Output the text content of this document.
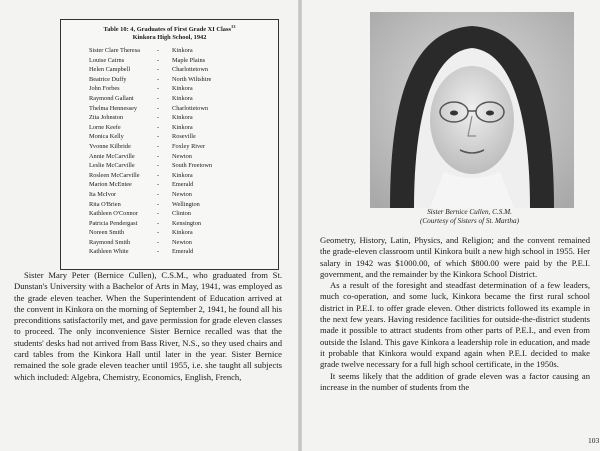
Table 10: 4, Graduates of First Grade XI Class$^{13}$
Kinkora High School, 1942
Sister Clare Theresa	-	Kinkora
Louise Cairns	-	Maple Plains
Helen Campbell	-	Charlottetown
Beatrice Duffy	-	North Wiltshire
John Forbes	-	Kinkora
Raymond Gallant	-	Kinkora
Thelma Hennessey	-	Charlottetown
Zita Johnston	-	Kinkora
Lorne Keefe	-	Kinkora
Monica Kelly	-	Roseville
Yvonne Kilbride	-	Foxley River
Annie McCarville	-	Newton
Leslie McCarville	-	South Freetown
Rosleen McCarville	-	Kinkora
Marion McEntee	-	Emerald
Ita McIvor	-	Newton
Rita O'Brien	-	Wellington
Kathleen O'Connor	-	Clinton
Patricia Pendergast	-	Kensington
Noreen Smith	-	Kinkora
Raymond Smith	-	Newton
Kathleen White	-	Emerald

Sister Mary Peter (Bernice Cullen), C.S.M., who graduated from St. Dunstan's University with a Bachelor of Arts in May, 1941, was employed as the grade eleven teacher. When the Superintendent of Education arrived at the convent in Kinkora on the morning of September 2, 1941, he found all his preconditions satisfactorily met, and gave permission for grade eleven classes to proceed. The only inconvenience Sister Bernice recalled was that the students' desks had not arrived from Bass River, N.S., so they used chairs and card tables from the Kinkora Hall until later in the year. Sister Bernice remained the sole grade eleven teacher until 1955, i.e. she taught all subjects which included: Algebra, Chemistry, Economics, English, French,

Sister Bernice Cullen, C.S.M.
(Courtesy of Sisters of St. Martha)

Geometry, History, Latin, Physics, and Religion; and the convent remained the grade-eleven classroom until Kinkora built a new high school in 1955. Her salary in 1942 was $1000.00, of which $800.00 were paid by the P.E.I. government, and the remainder by the Kinkora School District.

As a result of the foresight and steadfast determination of a few leaders, much co-operation, and some luck, Kinkora became the first rural school district in P.E.I. to offer grade eleven. Other districts followed its example in the next few years. Having residence facilities for outside-the-district students made it possible to attract students from other parts of P.E.I., and even from outside the Island. This gave Kinkora a leadership role in education, and made it probable that Kinkora would expand again when P.E.I. decided to make grade twelve necessary for a full high school certificate, in the 1950s.

It seems likely that the addition of grade eleven was a factor causing an increase in the number of students from the

103
